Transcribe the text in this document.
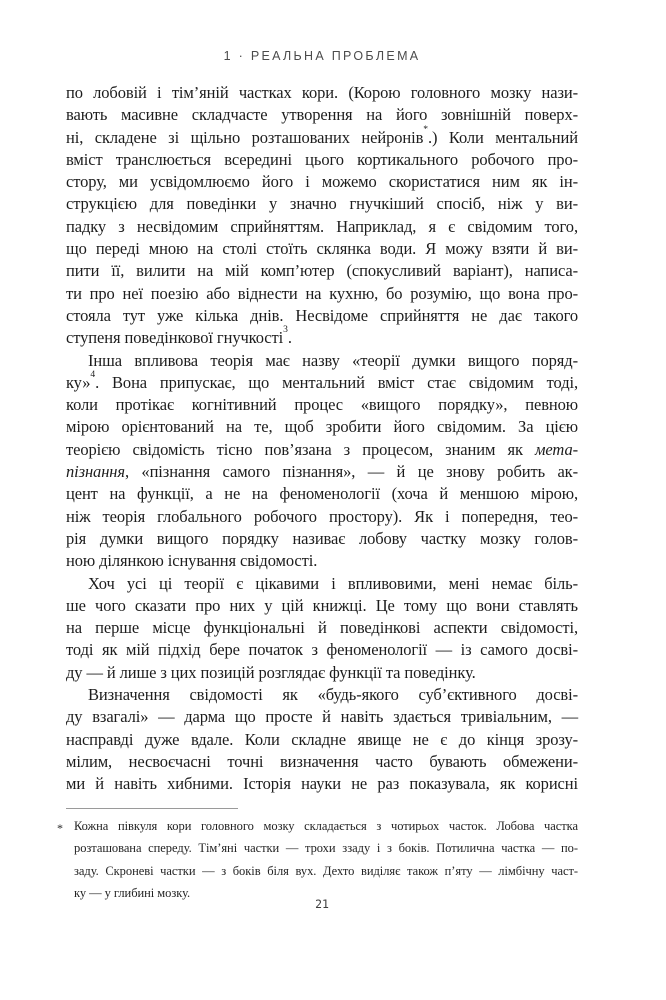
1 · РЕАЛЬНА ПРОБЛЕМА
по лобовій і тім’яній частках кори. (Корою головного мозку нази-
вають масивне складчасте утворення на його зовнішній поверх-
ні, складене зі щільно розташованих нейронів*.) Коли ментальний
вміст транслюється всередині цього кортикального робочого про-
стору, ми усвідомлюємо його і можемо скористатися ним як ін-
струкцією для поведінки у значно гнучкіший спосіб, ніж у ви-
падку з несвідомим сприйняттям. Наприклад, я є свідомим того,
що переді мною на столі стоїть склянка води. Я можу взяти й ви-
пити її, вилити на мій комп’ютер (спокусливий варіант), написа-
ти про неї поезію або віднести на кухню, бо розумію, що вона про-
стояла тут уже кілька днів. Несвідоме сприйняття не дає такого
ступеня поведінкової гнучкості$^3$.
Інша впливова теорія має назву «теорії думки вищого поряд-
ку»$^4$. Вона припускає, що ментальний вміст стає свідомим тоді,
коли протікає когнітивний процес «вищого порядку», певною
мірою орієнтований на те, щоб зробити його свідомим. За цією
теорією свідомість тісно пов’язана з процесом, знаним як мета-
пізнання, «пізнання самого пізнання», — й це знову робить ак-
цент на функції, а не на феноменології (хоча й меншою мірою,
ніж теорія глобального робочого простору). Як і попередня, тео-
рія думки вищого порядку називає лобову частку мозку голов-
ною ділянкою існування свідомості.
Хоч усі ці теорії є цікавими і впливовими, мені немає біль-
ше чого сказати про них у цій книжці. Це тому що вони ставлять
на перше місце функціональні й поведінкові аспекти свідомості,
тоді як мій підхід бере початок з феноменології — із самого досві-
ду — й лише з цих позицій розглядає функції та поведінку.
Визначення свідомості як «будь-якого суб’єктивного досві-
ду взагалі» — дарма що просте й навіть здається тривіальним, —
насправді дуже вдале. Коли складне явище не є до кінця зрозу-
мілим, несвоєчасні точні визначення часто бувають обмежени-
ми й навіть хибними. Історія науки не раз показувала, як корисні
* Кожна півкуля кори головного мозку складається з чотирьох часток. Лобова частка
розташована спереду. Тім’яні частки — трохи ззаду і з боків. Потилична частка — по-
заду. Скроневі частки — з боків біля вух. Дехто виділяє також п’яту — лімбічну част-
ку — у глибині мозку.
21
